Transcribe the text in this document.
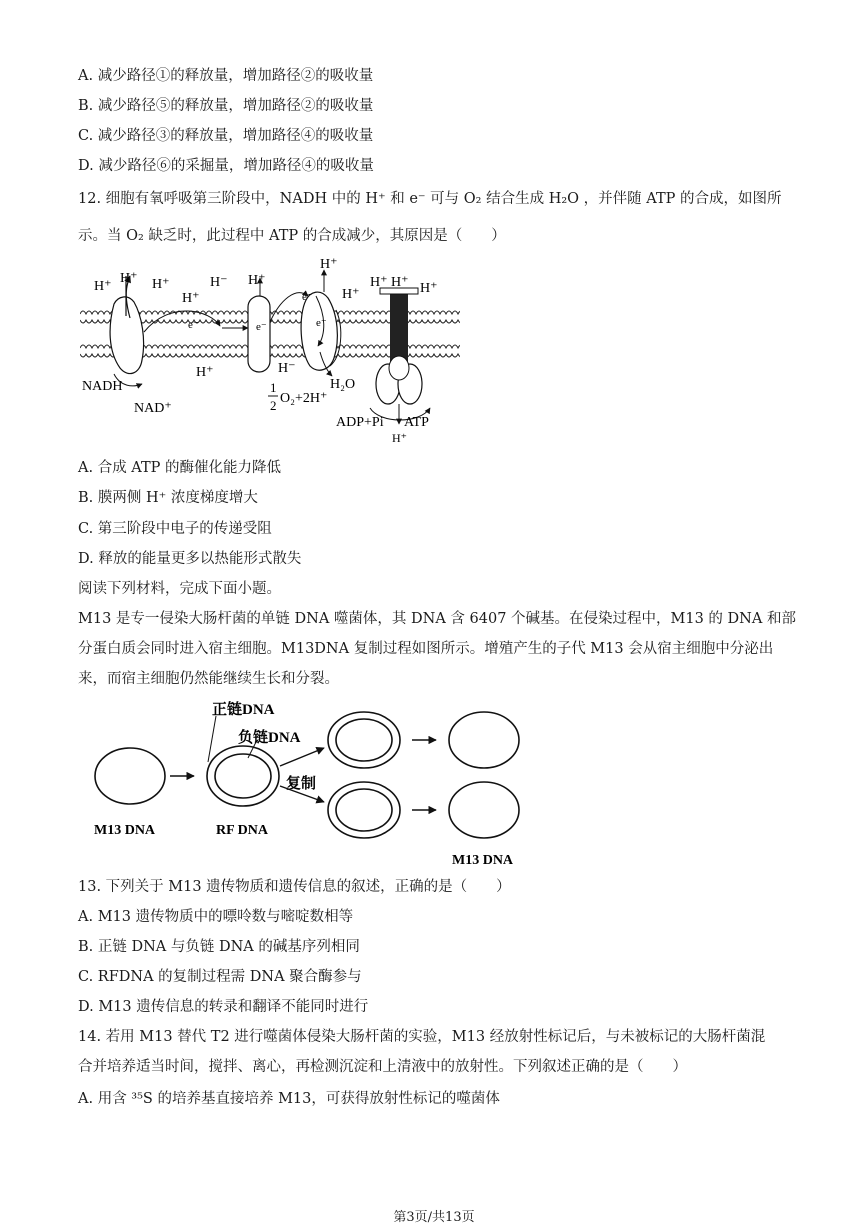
A. 减少路径①的释放量，增加路径②的吸收量
B. 减少路径⑤的释放量，增加路径②的吸收量
C. 减少路径③的释放量，增加路径④的吸收量
D. 减少路径⑥的采掘量，增加路径④的吸收量
12. 细胞有氧呼吸第三阶段中，NADH 中的 H⁺ 和 e⁻ 可与 O₂ 结合生成 H₂O ，并伴随 ATP 的合成，如图所
示。当 O₂ 缺乏时，此过程中 ATP 的合成减少，其原因是（　　）
H⁺
H⁺ H⁺
H⁺
H⁻ H⁺
H⁺
H⁺
H⁺ H⁺ H⁺
H⁺	H⁻
NADH
NAD⁺
e⁻	e⁻
e⁻
e⁻
1
2 O₂+2H⁺
H₂O
ADP+Pi ATP
H⁺
A. 合成 ATP 的酶催化能力降低
B. 膜两侧 H⁺ 浓度梯度增大
C. 第三阶段中电子的传递受阻
D. 释放的能量更多以热能形式散失
阅读下列材料，完成下面小题。
M13 是专一侵染大肠杆菌的单链 DNA 噬菌体，其 DNA 含 6407 个碱基。在侵染过程中，M13 的 DNA 和部
分蛋白质会同时进入宿主细胞。M13DNA 复制过程如图所示。增殖产生的子代 M13 会从宿主细胞中分泌出
来，而宿主细胞仍然能继续生长和分裂。
正链DNA
负链DNA
复制
M13 DNA	RF DNA
M13 DNA
13. 下列关于 M13 遗传物质和遗传信息的叙述，正确的是（　　）
A. M13 遗传物质中的嘌呤数与嘧啶数相等
B. 正链 DNA 与负链 DNA 的碱基序列相同
C. RFDNA 的复制过程需 DNA 聚合酶参与
D. M13 遗传信息的转录和翻译不能同时进行
14. 若用 M13 替代 T2 进行噬菌体侵染大肠杆菌的实验，M13 经放射性标记后，与未被标记的大肠杆菌混
合并培养适当时间，搅拌、离心，再检测沉淀和上清液中的放射性。下列叙述正确的是（　　）
A. 用含 ³⁵S 的培养基直接培养 M13，可获得放射性标记的噬菌体
第3页/共13页
